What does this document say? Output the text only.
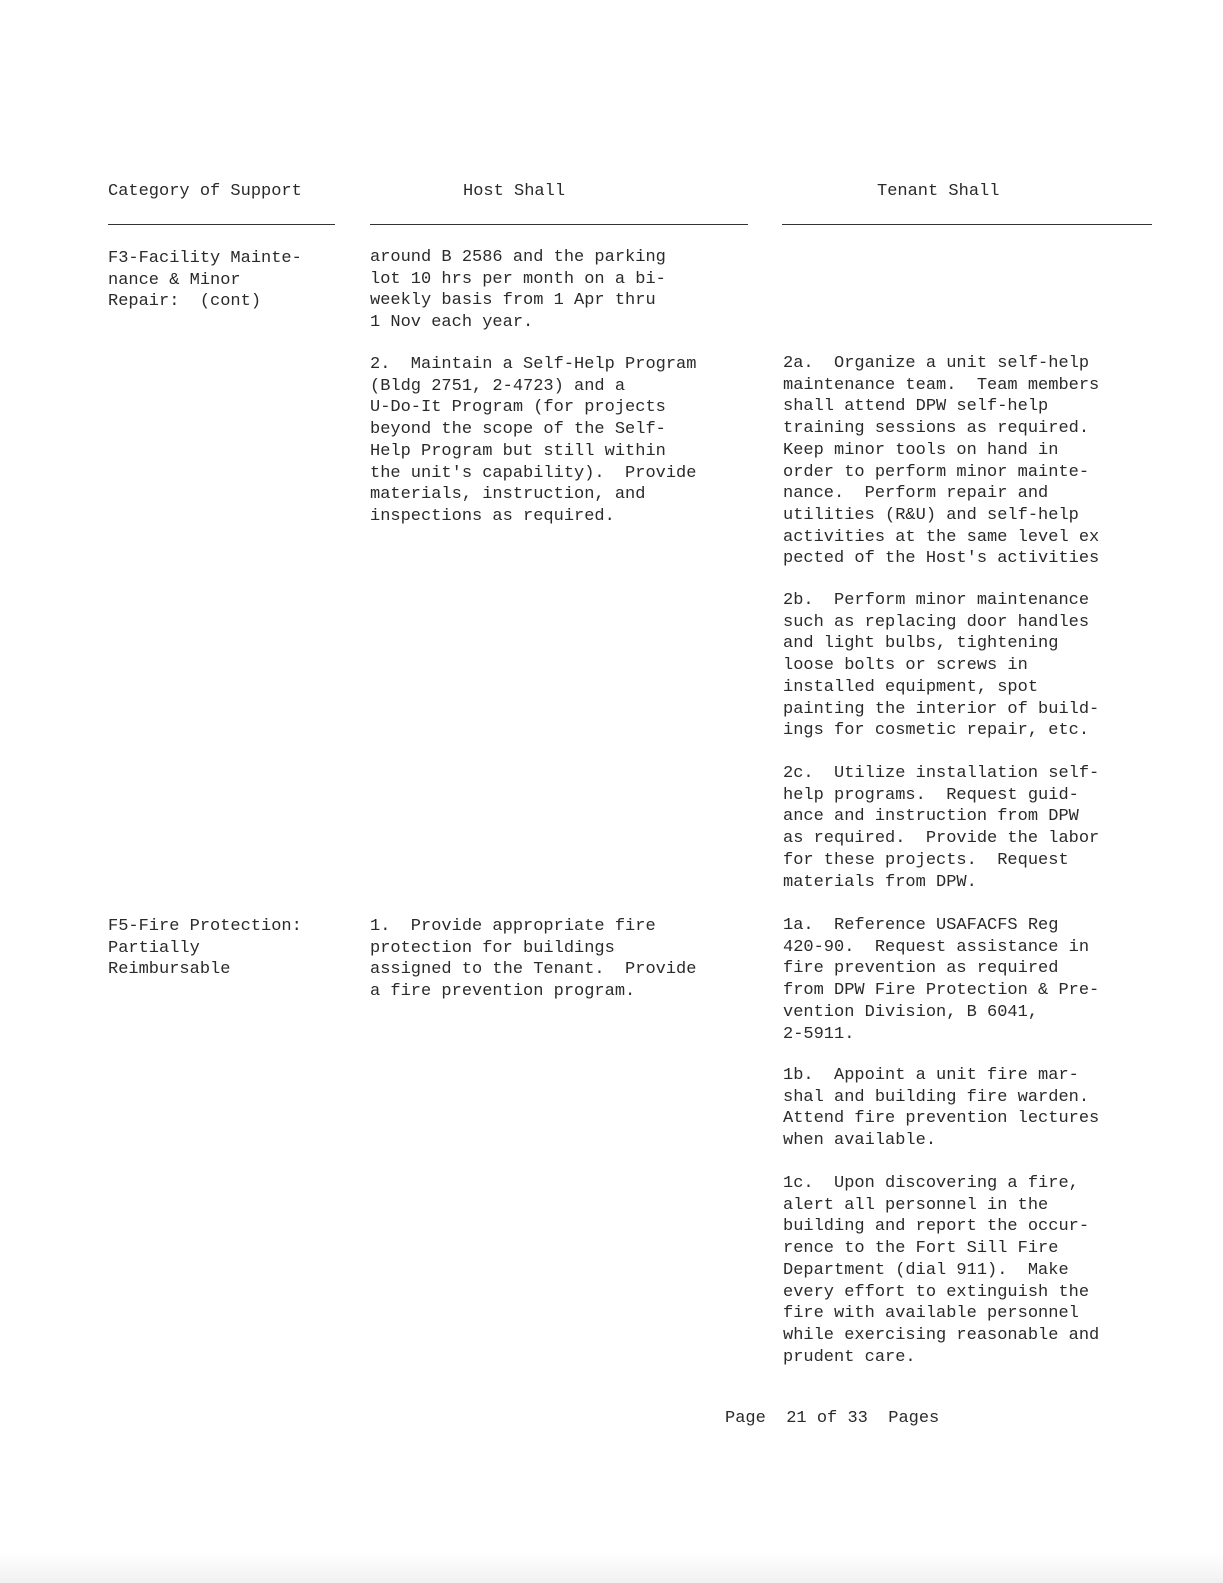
Category of Support	Host Shall	Tenant Shall
F3-Facility Mainte-
nance & Minor
Repair:  (cont)
around B 2586 and the parking
lot 10 hrs per month on a bi-
weekly basis from 1 Apr thru
1 Nov each year.
2.  Maintain a Self-Help Program
(Bldg 2751, 2-4723) and a
U-Do-It Program (for projects
beyond the scope of the Self-
Help Program but still within
the unit's capability).  Provide
materials, instruction, and
inspections as required.
2a.  Organize a unit self-help
maintenance team.  Team members
shall attend DPW self-help
training sessions as required.
Keep minor tools on hand in
order to perform minor mainte-
nance.  Perform repair and
utilities (R&U) and self-help
activities at the same level ex
pected of the Host's activities
2b.  Perform minor maintenance
such as replacing door handles
and light bulbs, tightening
loose bolts or screws in
installed equipment, spot
painting the interior of build-
ings for cosmetic repair, etc.
2c.  Utilize installation self-
help programs.  Request guid-
ance and instruction from DPW
as required.  Provide the labor
for these projects.  Request
materials from DPW.
F5-Fire Protection:
Partially
Reimbursable
1.  Provide appropriate fire
protection for buildings
assigned to the Tenant.  Provide
a fire prevention program.
1a.  Reference USAFACFS Reg
420-90.  Request assistance in
fire prevention as required
from DPW Fire Protection & Pre-
vention Division, B 6041,
2-5911.
1b.  Appoint a unit fire mar-
shal and building fire warden.
Attend fire prevention lectures
when available.
1c.  Upon discovering a fire,
alert all personnel in the
building and report the occur-
rence to the Fort Sill Fire
Department (dial 911).  Make
every effort to extinguish the
fire with available personnel
while exercising reasonable and
prudent care.
Page 21 of 33 Pages
